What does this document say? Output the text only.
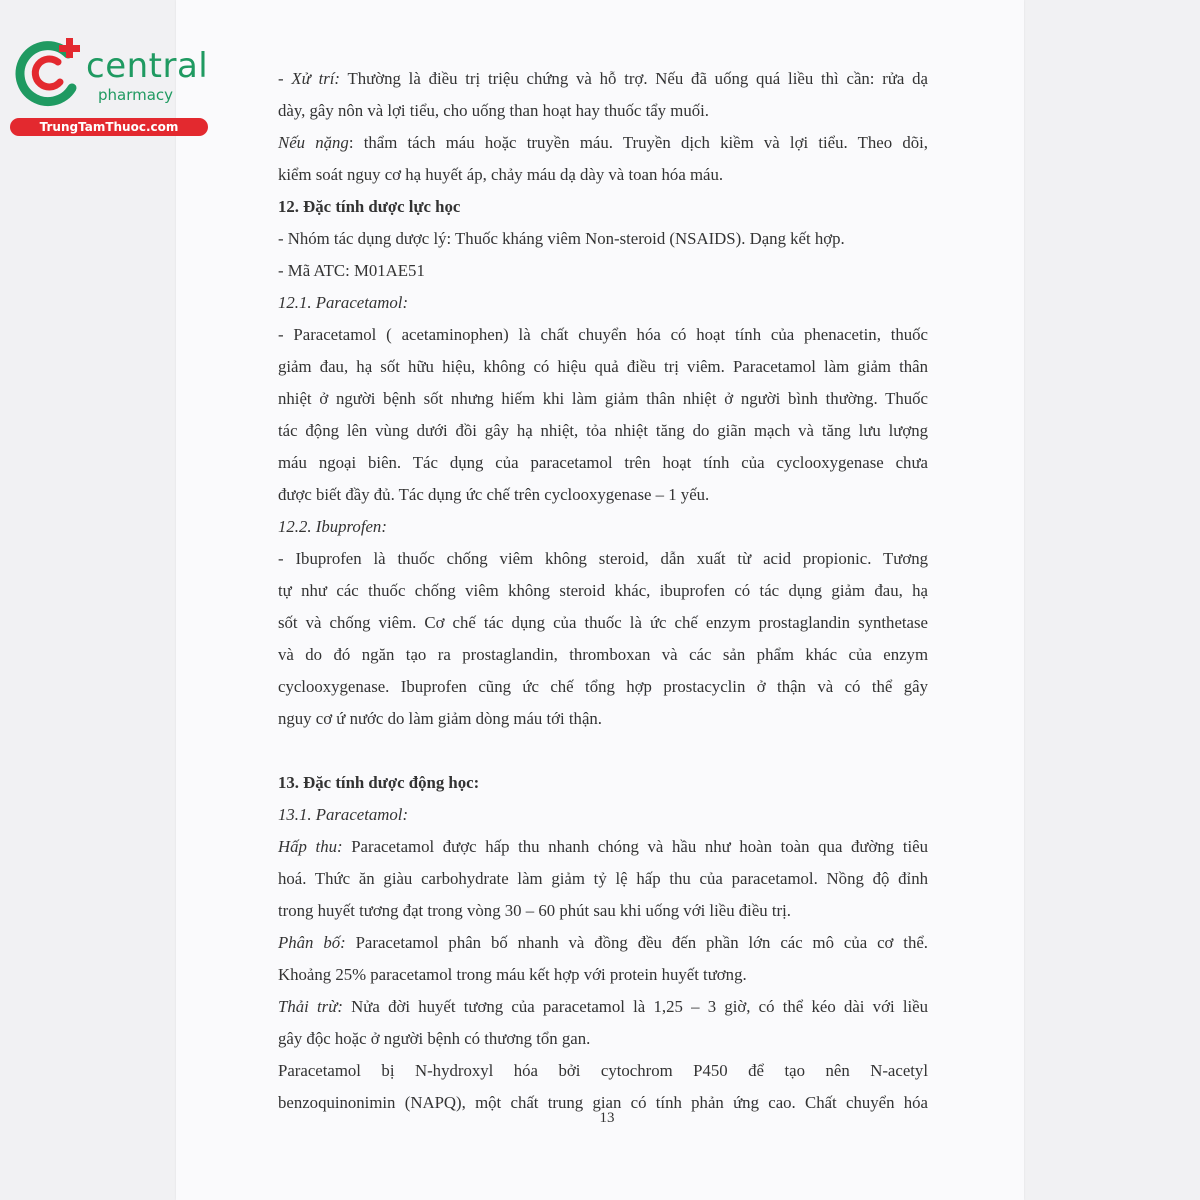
central
pharmacy
TrungTamThuoc.com
- Xử trí: Thường là điều trị triệu chứng và hỗ trợ. Nếu đã uống quá liều thì cần: rửa dạ
dày, gây nôn và lợi tiểu, cho uống than hoạt hay thuốc tẩy muối.
Nếu nặng: thẩm tách máu hoặc truyền máu. Truyền dịch kiềm và lợi tiểu. Theo dõi,
kiểm soát nguy cơ hạ huyết áp, chảy máu dạ dày và toan hóa máu.
12. Đặc tính dược lực học
- Nhóm tác dụng dược lý: Thuốc kháng viêm Non-steroid (NSAIDS). Dạng kết hợp.
- Mã ATC: M01AE51
12.1. Paracetamol:
- Paracetamol ( acetaminophen) là chất chuyển hóa có hoạt tính của phenacetin, thuốc
giảm đau, hạ sốt hữu hiệu, không có hiệu quả điều trị viêm. Paracetamol làm giảm thân
nhiệt ở người bệnh sốt nhưng hiếm khi làm giảm thân nhiệt ở người bình thường. Thuốc
tác động lên vùng dưới đồi gây hạ nhiệt, tỏa nhiệt tăng do giãn mạch và tăng lưu lượng
máu ngoại biên. Tác dụng của paracetamol trên hoạt tính của cyclooxygenase chưa
được biết đầy đủ. Tác dụng ức chế trên cyclooxygenase – 1 yếu.
12.2. Ibuprofen:
- Ibuprofen là thuốc chống viêm không steroid, dẫn xuất từ acid propionic. Tương
tự như các thuốc chống viêm không steroid khác, ibuprofen có tác dụng giảm đau, hạ
sốt và chống viêm. Cơ chế tác dụng của thuốc là ức chế enzym prostaglandin synthetase
và do đó ngăn tạo ra prostaglandin, thromboxan và các sản phẩm khác của enzym
cyclooxygenase. Ibuprofen cũng ức chế tổng hợp prostacyclin ở thận và có thể gây
nguy cơ ứ nước do làm giảm dòng máu tới thận.
13. Đặc tính dược động học:
13.1. Paracetamol:
Hấp thu: Paracetamol được hấp thu nhanh chóng và hầu như hoàn toàn qua đường tiêu
hoá. Thức ăn giàu carbohydrate làm giảm tỷ lệ hấp thu của paracetamol. Nồng độ đỉnh
trong huyết tương đạt trong vòng 30 – 60 phút sau khi uống với liều điều trị.
Phân bố: Paracetamol phân bố nhanh và đồng đều đến phần lớn các mô của cơ thể.
Khoảng 25% paracetamol trong máu kết hợp với protein huyết tương.
Thải trừ: Nửa đời huyết tương của paracetamol là 1,25 – 3 giờ, có thể kéo dài với liều
gây độc hoặc ở người bệnh có thương tổn gan.
Paracetamol bị N-hydroxyl hóa bởi cytochrom P450 để tạo nên N-acetyl
benzoquinonimin (NAPQ), một chất trung gian có tính phản ứng cao. Chất chuyển hóa
13
